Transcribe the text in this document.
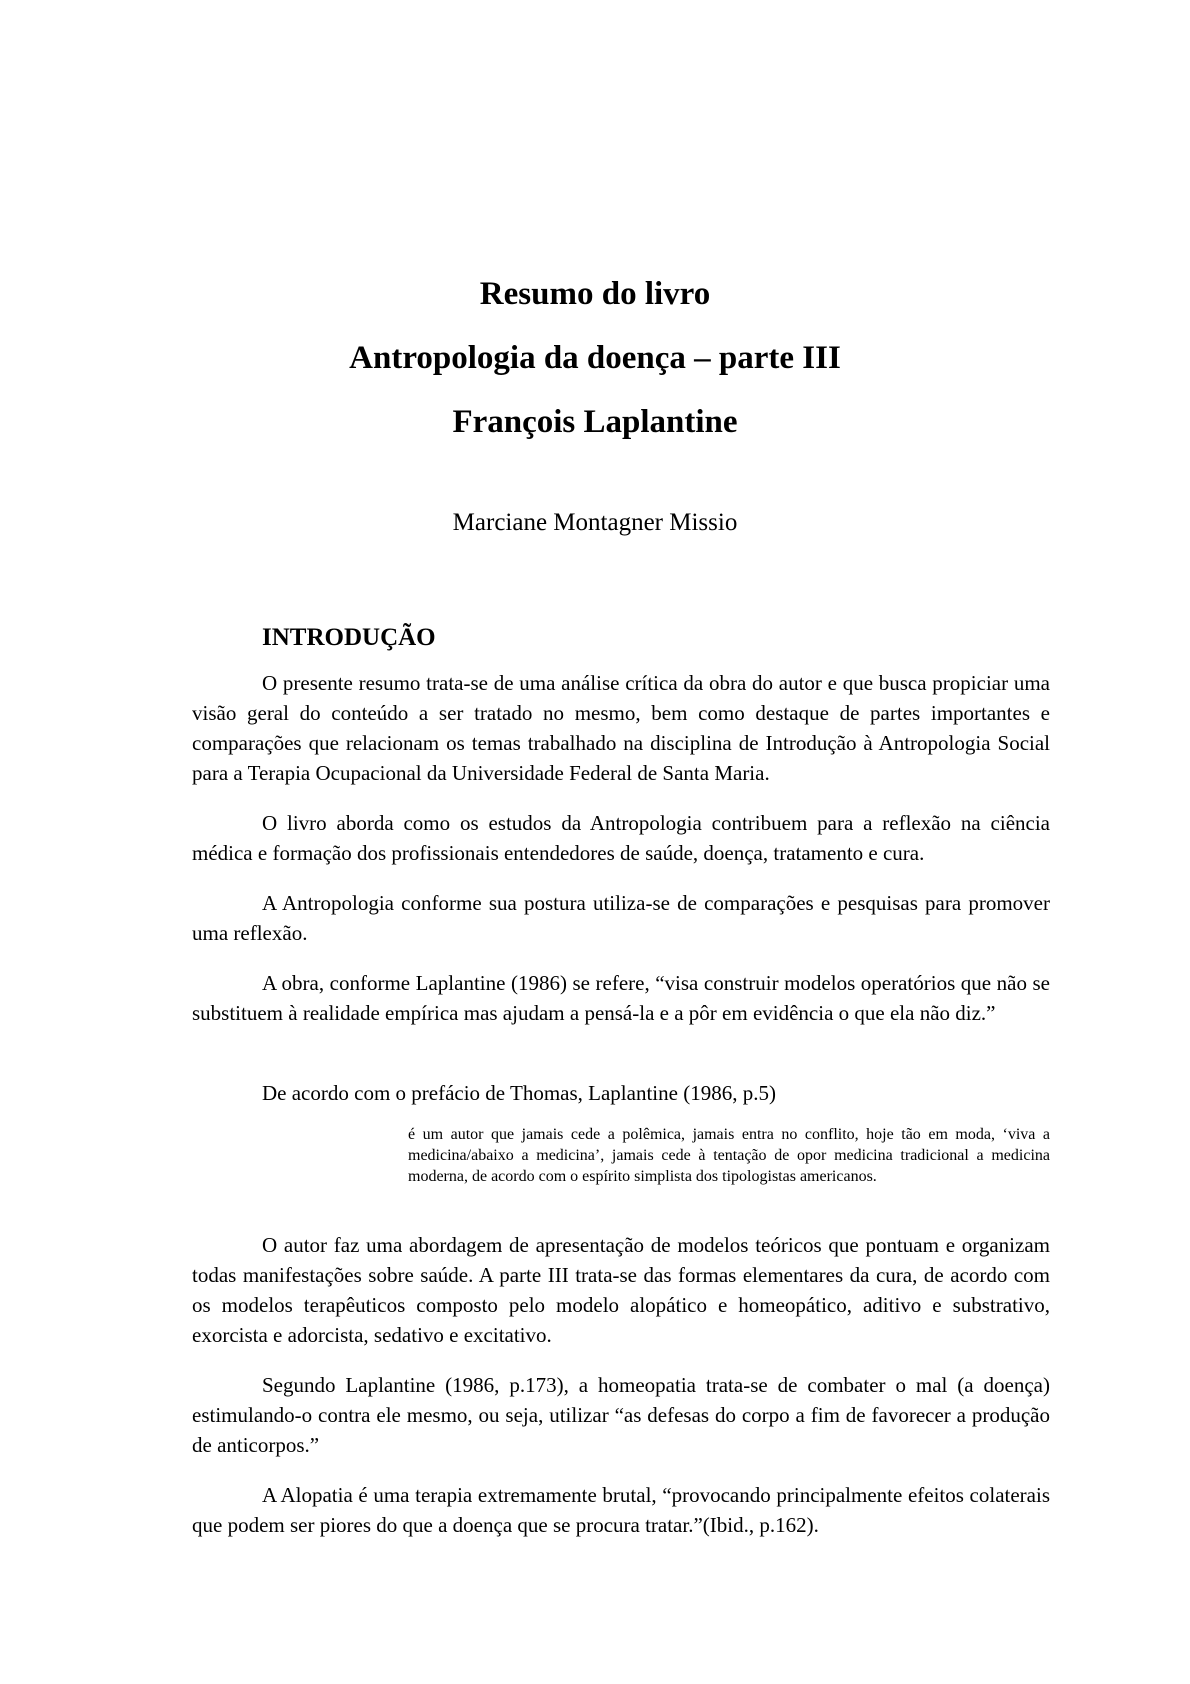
Resumo do livro

Antropologia da doença – parte III

François Laplantine

Marciane Montagner Missio
INTRODUÇÃO

O presente resumo trata-se de uma análise crítica da obra do autor e que busca propiciar uma visão geral do conteúdo a ser tratado no mesmo, bem como destaque de partes importantes e comparações que relacionam os temas trabalhado na disciplina de Introdução à Antropologia Social para a Terapia Ocupacional da Universidade Federal de Santa Maria.

O livro aborda como os estudos da Antropologia contribuem para a reflexão na ciência médica e formação dos profissionais entendedores de saúde, doença, tratamento e cura.

A Antropologia conforme sua postura utiliza-se de comparações e pesquisas para promover uma reflexão.

A obra, conforme Laplantine (1986) se refere, “visa construir modelos operatórios que não se substituem à realidade empírica mas ajudam a pensá-la e a pôr em evidência o que ela não diz.”

De acordo com o prefácio de Thomas, Laplantine (1986, p.5)

é um autor que jamais cede a polêmica, jamais entra no conflito, hoje tão em moda, ‘viva a medicina/abaixo a medicina’, jamais cede à tentação de opor medicina tradicional a medicina moderna, de acordo com o espírito simplista dos tipologistas americanos.

O autor faz uma abordagem de apresentação de modelos teóricos que pontuam e organizam todas manifestações sobre saúde. A parte III trata-se das formas elementares da cura, de acordo com os modelos terapêuticos composto pelo modelo alopático e homeopático, aditivo e substrativo, exorcista e adorcista, sedativo e excitativo.

Segundo Laplantine (1986, p.173), a homeopatia trata-se de combater o mal (a doença) estimulando-o contra ele mesmo, ou seja, utilizar “as defesas do corpo a fim de favorecer a produção de anticorpos.”

A Alopatia é uma terapia extremamente brutal, “provocando principalmente efeitos colaterais que podem ser piores do que a doença que se procura tratar.”(Ibid., p.162).
